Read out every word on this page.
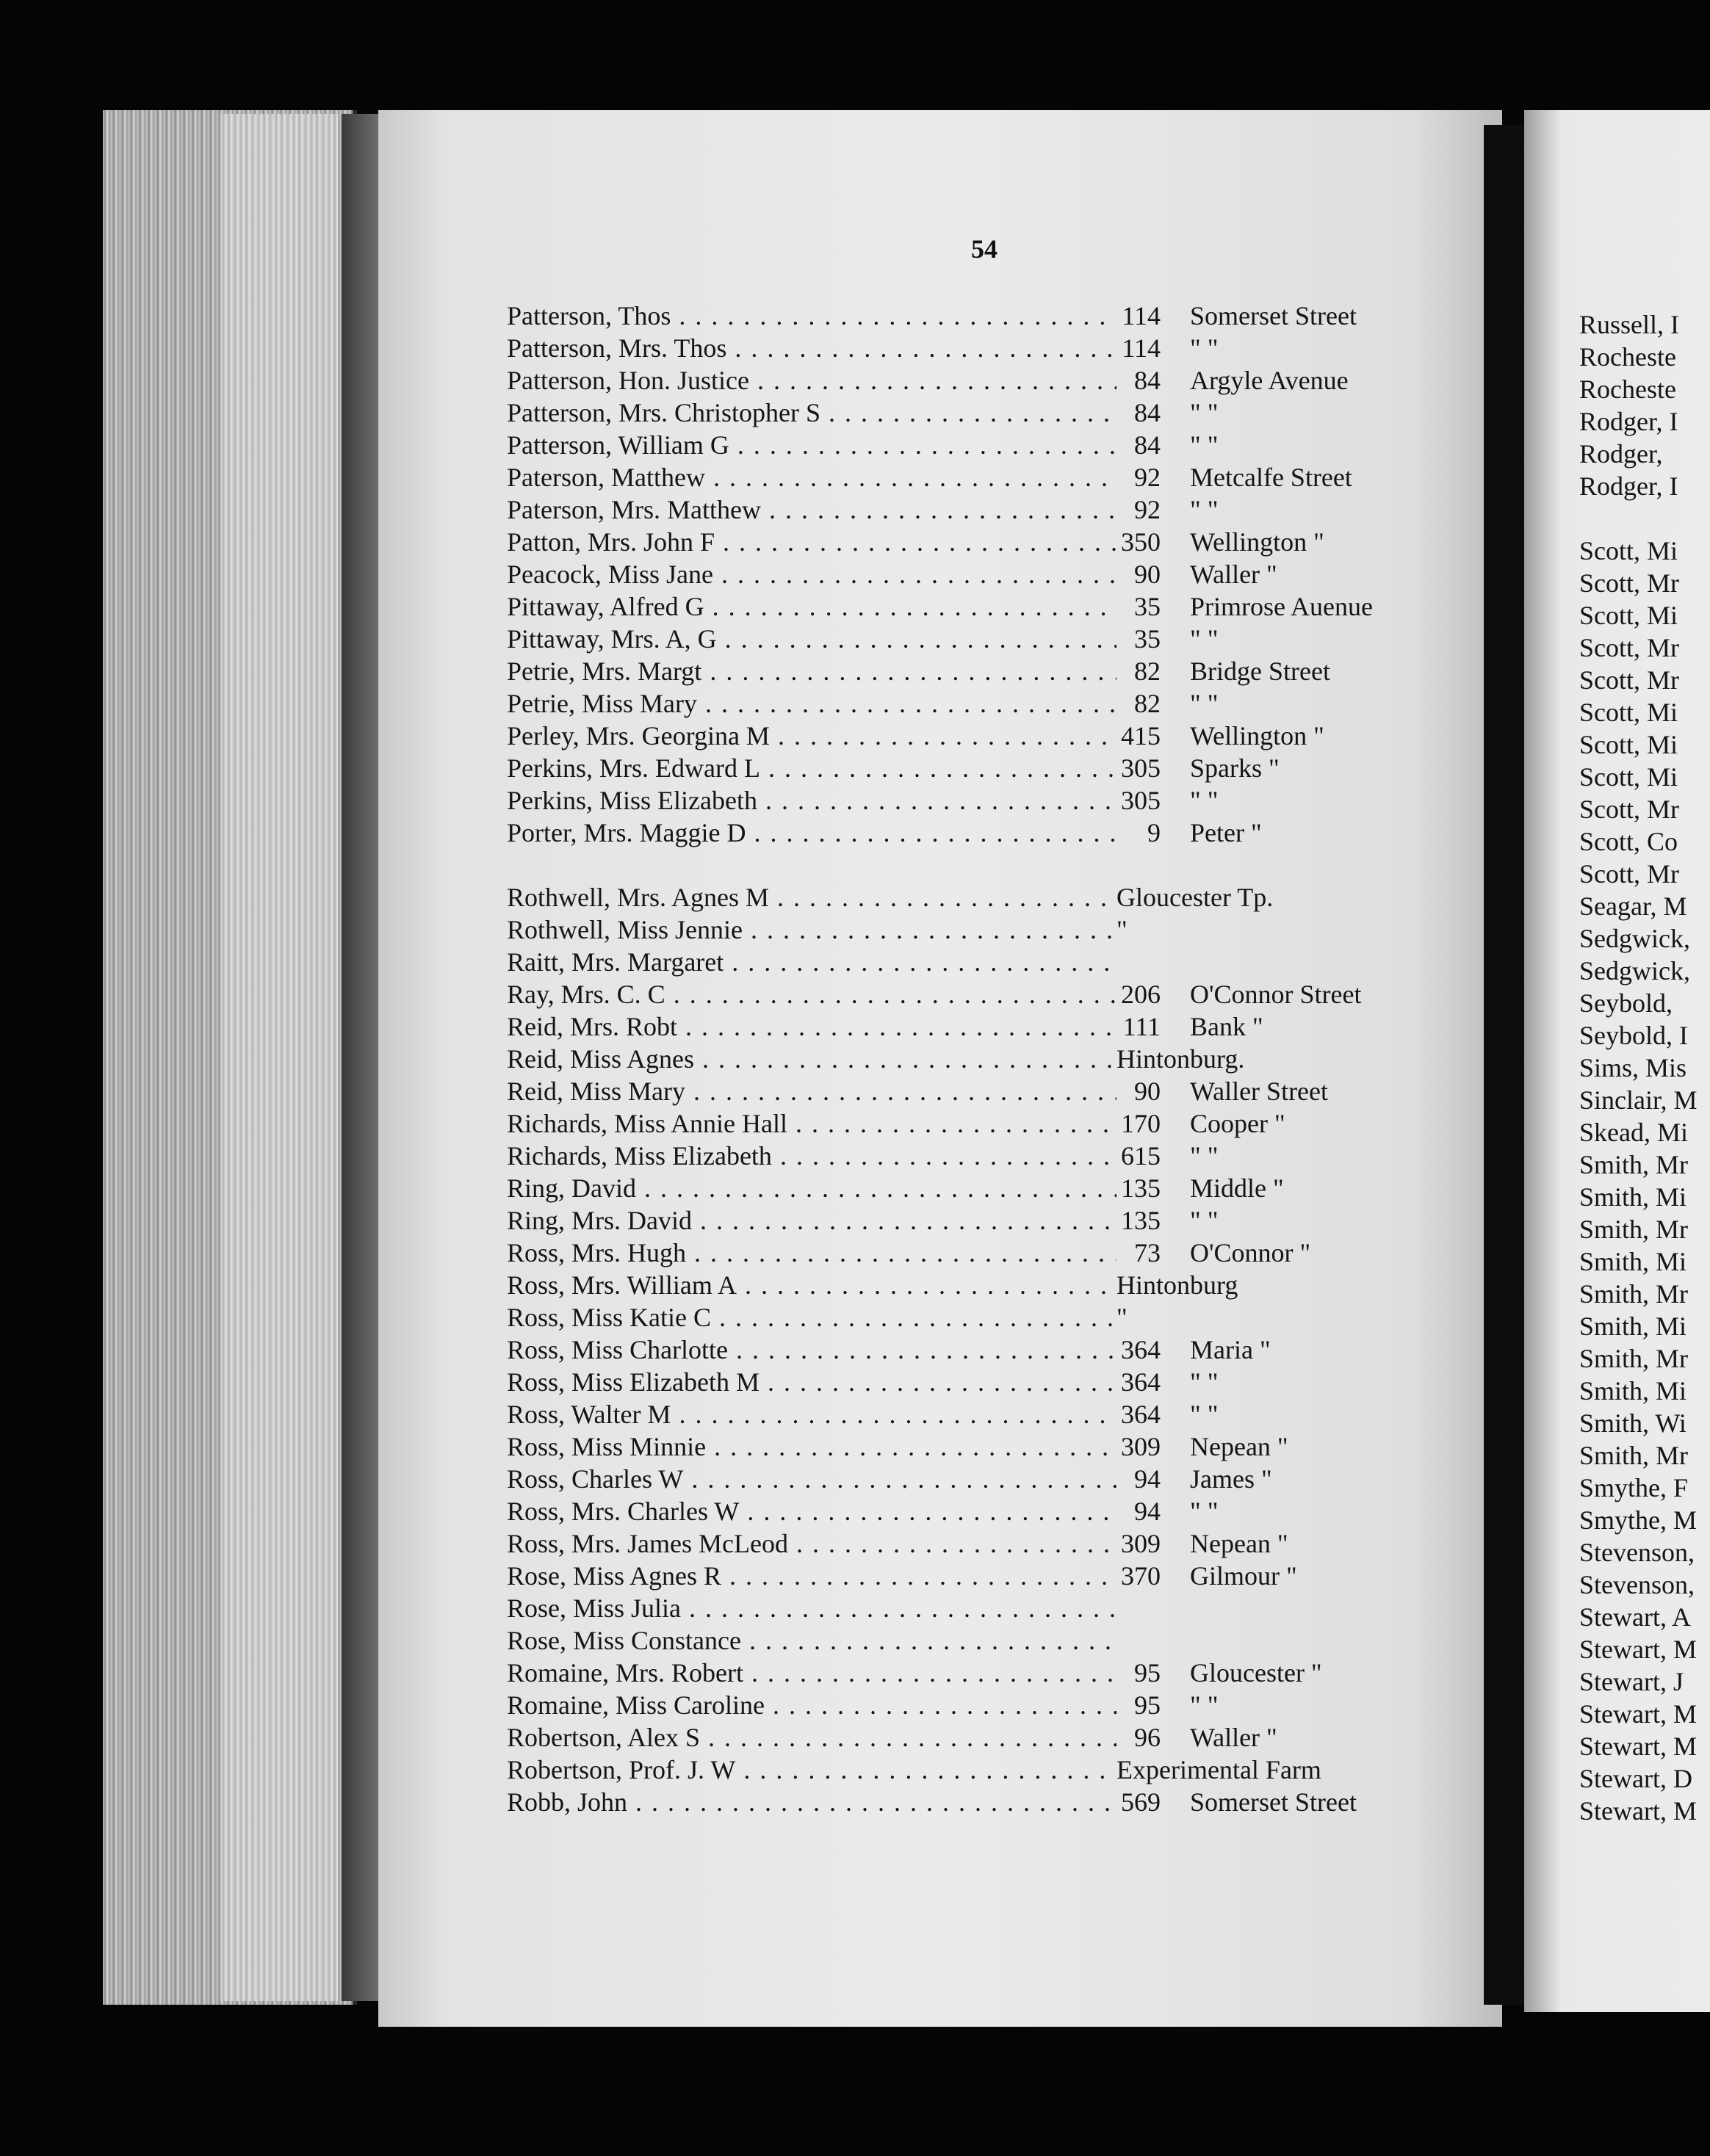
54
Patterson, Thos . . .	114 Somerset Street
Patterson, Mrs. Thos . . .	114 " "
Patterson, Hon. Justice . . .	84 Argyle Avenue
Patterson, Mrs. Christopher S . . .	84 " "
Patterson, William G . . .	84 " "
Paterson, Matthew . . .	92 Metcalfe Street
Paterson, Mrs. Matthew . . .	92 " "
Patton, Mrs. John F . . .	350 Wellington "
Peacock, Miss Jane . . .	90 Waller "
Pittaway, Alfred G . . .	35 Primrose Auenue
Pittaway, Mrs. A, G . . .	35 " "
Petrie, Mrs. Margt . . .	82 Bridge Street
Petrie, Miss Mary . . .	82 " "
Perley, Mrs. Georgina M . . .	415 Wellington "
Perkins, Mrs. Edward L . . .	305 Sparks "
Perkins, Miss Elizabeth . . .	305 " "
Porter, Mrs. Maggie D . . .	9 Peter "
Rothwell, Mrs. Agnes M . . .	Gloucester Tp.
Rothwell, Miss Jennie . . .	"
Raitt, Mrs. Margaret . . .
Ray, Mrs. C. C . . .	206 O'Connor Street
Reid, Mrs. Robt . . .	111 Bank "
Reid, Miss Agnes . . .	Hintonburg.
Reid, Miss Mary . . .	90 Waller Street
Richards, Miss Annie Hall . . .	170 Cooper "
Richards, Miss Elizabeth . . .	615 " "
Ring, David . . .	135 Middle "
Ring, Mrs. David . . .	135 " "
Ross, Mrs. Hugh . . .	73 O'Connor "
Ross, Mrs. William A . . .	Hintonburg
Ross, Miss Katie C . . .	"
Ross, Miss Charlotte . . .	364 Maria "
Ross, Miss Elizabeth M . . .	364 " "
Ross, Walter M . . .	364 " "
Ross, Miss Minnie . . .	309 Nepean "
Ross, Charles W . . .	94 James "
Ross, Mrs. Charles W . . .	94 " "
Ross, Mrs. James McLeod . . .	309 Nepean "
Rose, Miss Agnes R . . .	370 Gilmour "
Rose, Miss Julia . . .
Rose, Miss Constance . . .
Romaine, Mrs. Robert . . .	95 Gloucester "
Romaine, Miss Caroline . . .	95 " "
Robertson, Alex S . . .	96 Waller "
Robertson, Prof. J. W . . .	Experimental Farm
Robb, John . . .	569 Somerset Street
Russell, I
Rocheste
Rocheste
Rodger, I
Rodger,
Rodger, I
Scott, Mi
Scott, Mr
Scott, Mi
Scott, Mr
Scott, Mr
Scott, Mi
Scott, Mi
Scott, Mi
Scott, Mr
Scott, Co
Scott, Mr
Seagar, M
Sedgwick,
Sedgwick,
Seybold,
Seybold, I
Sims, Mis
Sinclair, M
Skead, Mi
Smith, Mr
Smith, Mi
Smith, Mr
Smith, Mi
Smith, Mr
Smith, Mi
Smith, Mr
Smith, Mi
Smith, Wi
Smith, Mr
Smythe, F
Smythe, M
Stevenson,
Stevenson,
Stewart, A
Stewart, M
Stewart, J
Stewart, M
Stewart, M
Stewart, D
Stewart, M
